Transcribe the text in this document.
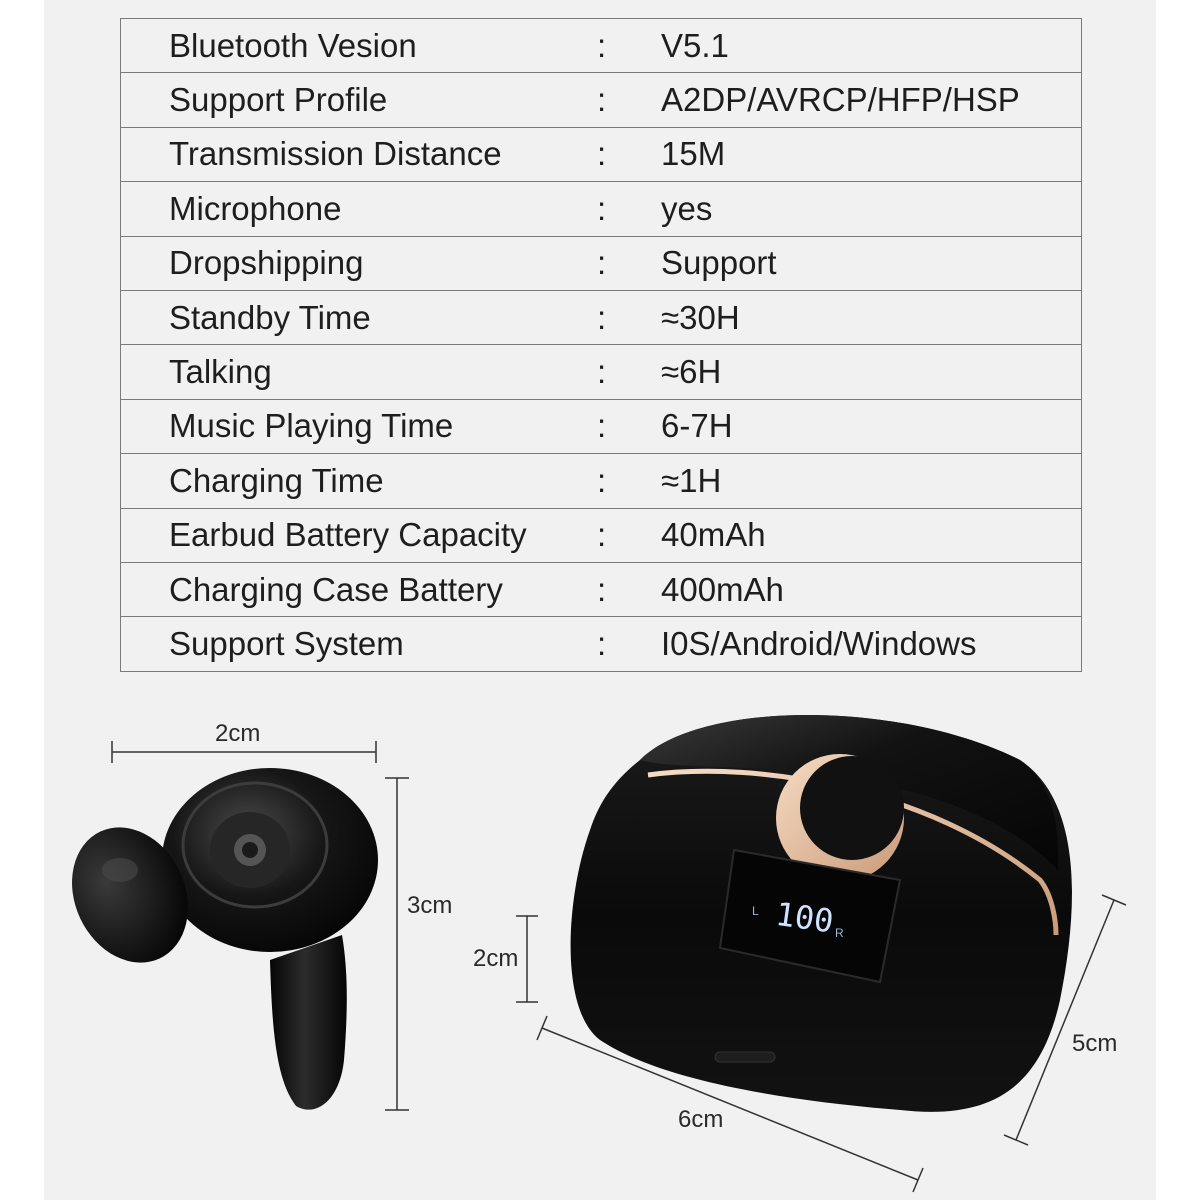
Bluetooth Vesion	: V5.1
Support Profile	: A2DP/AVRCP/HFP/HSP
Transmission Distance	: 15M
Microphone	: yes
Dropshipping	: Support
Standby Time	: ≈30H
Talking	: ≈6H
Music Playing Time	: 6-7H
Charging Time	: ≈1H
Earbud Battery Capacity : 40mAh
Charging Case Battery	: 400mAh
Support System	: I0S/Android/Windows
L 100 R
2cm
3cm
2cm
6cm
5cm
